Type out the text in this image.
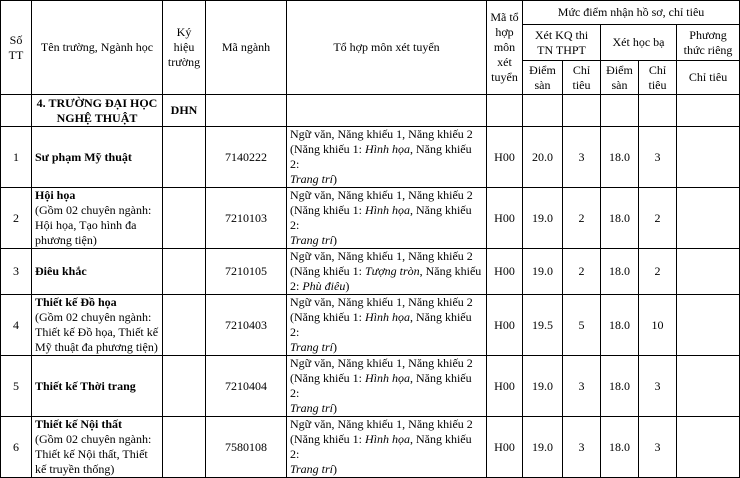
Số TT	Tên trường, Ngành học	Ký hiệu trường	Mã ngành	Tổ hợp môn xét tuyển	Mã tổ hợp môn xét tuyển	Mức điểm nhận hồ sơ, chỉ tiêu				
						Xét KQ thi TN THPT		Xét học bạ		Phương thức riêng
						Điểm sàn	Chỉ tiêu	Điểm sàn	Chỉ tiêu	Chỉ tiêu
	4. TRƯỜNG ĐẠI HỌC NGHỆ THUẬT	DHN								
1	Sư phạm Mỹ thuật		7140222	Ngữ văn, Năng khiếu 1, Năng khiếu 2
(Năng khiếu 1: Hình họa, Năng khiếu 2:
Trang trí)	H00	20.0	3	18.0	3	
2	Hội họa
(Gồm 02 chuyên ngành: Hội họa, Tạo hình đa phương tiện)		7210103	Ngữ văn, Năng khiếu 1, Năng khiếu 2
(Năng khiếu 1: Hình họa, Năng khiếu 2:
Trang trí)	H00	19.0	2	18.0	2	
3	Điêu khắc		7210105	Ngữ văn, Năng khiếu 1, Năng khiếu 2
(Năng khiếu 1: Tượng tròn, Năng khiếu
2: Phù điêu)	H00	19.0	2	18.0	2	
4	Thiết kế Đồ họa
(Gồm 02 chuyên ngành: Thiết kế Đồ họa, Thiết kế Mỹ thuật đa phương tiện)		7210403	Ngữ văn, Năng khiếu 1, Năng khiếu 2
(Năng khiếu 1: Hình họa, Năng khiếu 2:
Trang trí)	H00	19.5	5	18.0	10	
5	Thiết kế Thời trang		7210404	Ngữ văn, Năng khiếu 1, Năng khiếu 2
(Năng khiếu 1: Hình họa, Năng khiếu 2:
Trang trí)	H00	19.0	3	18.0	3	
6	Thiết kế Nội thất
(Gồm 02 chuyên ngành: Thiết kế Nội thất, Thiết kế truyền thống)		7580108	Ngữ văn, Năng khiếu 1, Năng khiếu 2
(Năng khiếu 1: Hình họa, Năng khiếu 2:
Trang trí)	H00	19.0	3	18.0	3	
